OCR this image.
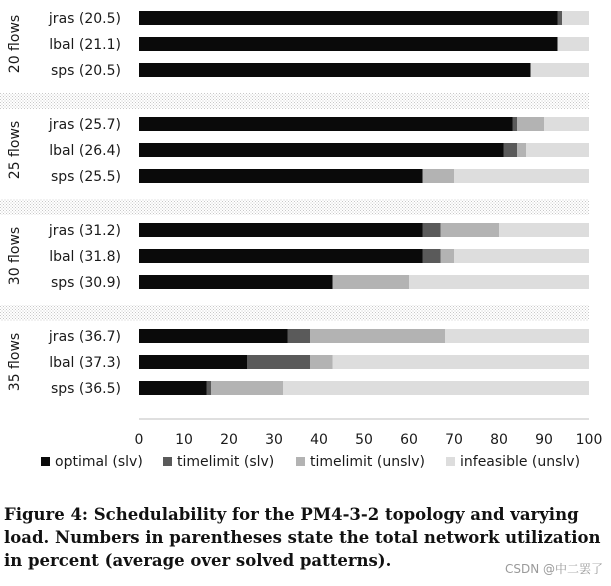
20 flows jras (20.5)
lbal (21.1)
sps (20.5)
25 flows jras (25.7)
lbal (26.4)
sps (25.5)
30 flows jras (31.2)
lbal (31.8)
sps (30.9)
35 flows jras (36.7)
lbal (37.3)
sps (36.5)
0 10 20 30 40 50 60 70 80 90 100
optimal (slv) timelimit (slv)	timelimit (unslv) infeasible (unslv)

Figure 4: Schedulability for the PM4-3-2 topology and varying load. Numbers in parentheses state the total network utilization in percent (average over solved patterns).	CSDN @中二罢了
